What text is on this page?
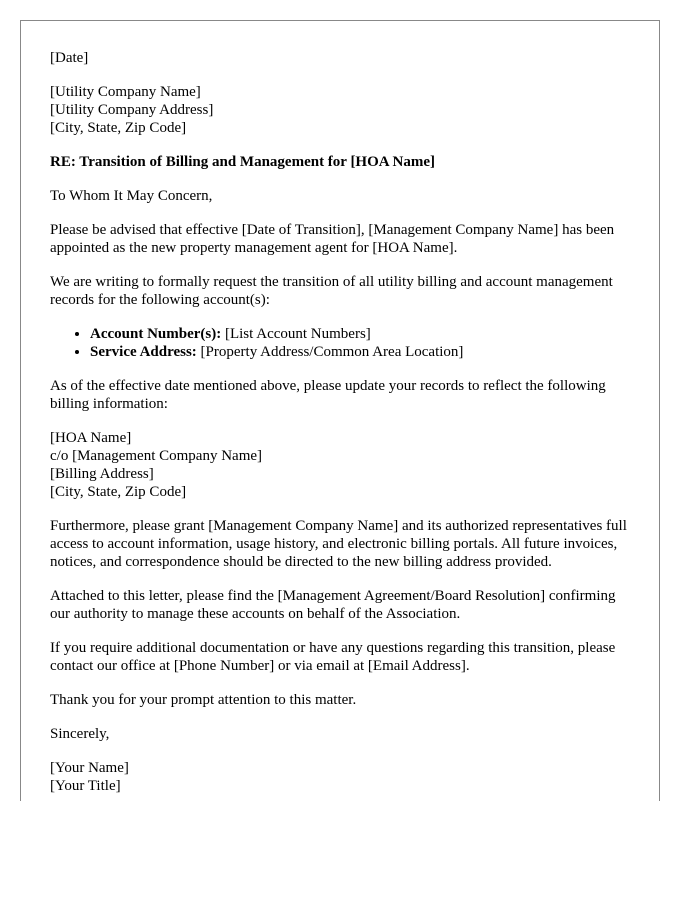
[Date]

[Utility Company Name]
[Utility Company Address]
[City, State, Zip Code]

RE: Transition of Billing and Management for [HOA Name]

To Whom It May Concern,

Please be advised that effective [Date of Transition], [Management Company Name] has been appointed as the new property management agent for [HOA Name].

We are writing to formally request the transition of all utility billing and account management records for the following account(s):

• Account Number(s): [List Account Numbers]
• Service Address: [Property Address/Common Area Location]

As of the effective date mentioned above, please update your records to reflect the following billing information:

[HOA Name]
c/o [Management Company Name]
[Billing Address]
[City, State, Zip Code]

Furthermore, please grant [Management Company Name] and its authorized representatives full access to account information, usage history, and electronic billing portals. All future invoices, notices, and correspondence should be directed to the new billing address provided.

Attached to this letter, please find the [Management Agreement/Board Resolution] confirming our authority to manage these accounts on behalf of the Association.

If you require additional documentation or have any questions regarding this transition, please contact our office at [Phone Number] or via email at [Email Address].

Thank you for your prompt attention to this matter.

Sincerely,

[Your Name]
[Your Title]
